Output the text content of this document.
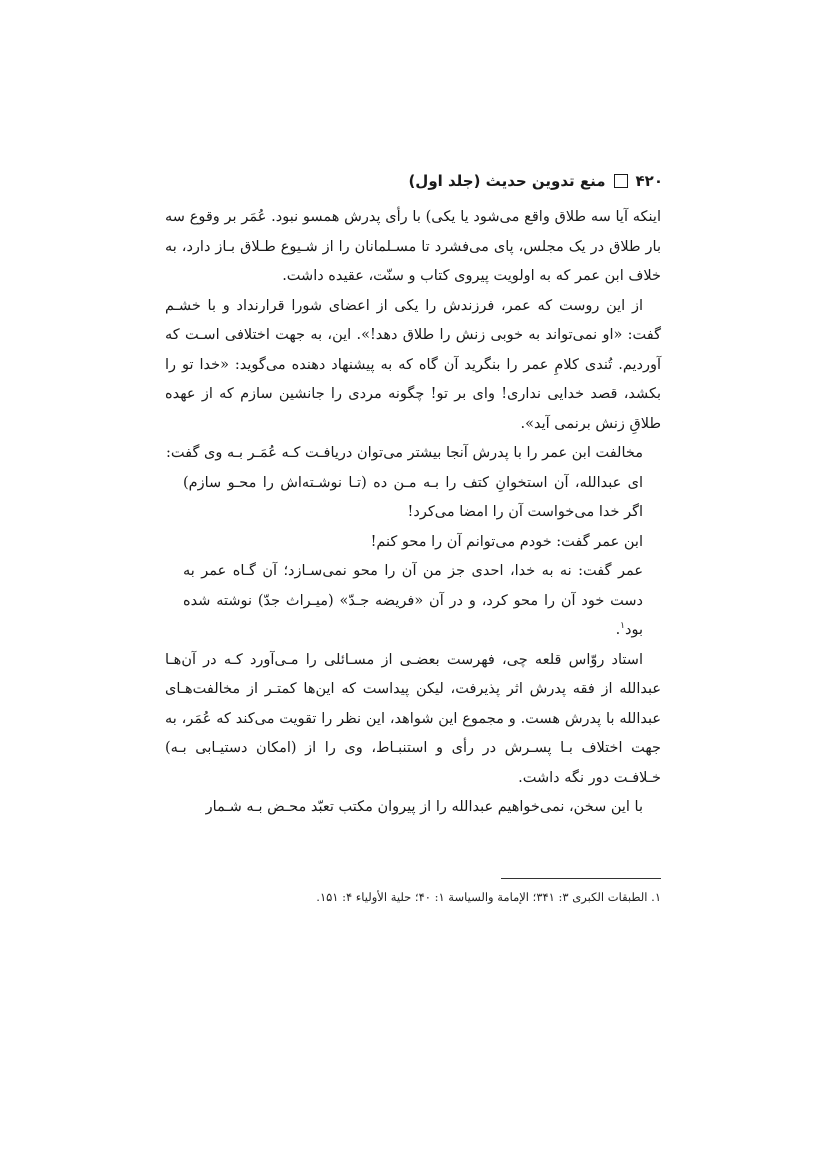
۴۲۰
منع تدوین حدیث (جلد اول)

اینکه آیا سه طلاق واقع می‌شود یا یکی) با رأی پدرش همسو نبود. عُمَر بر وقوع سه بار طلاق در یک مجلس، پای می‌فشرد تا مسـلمانان را از شـیوع طـلاق بـاز دارد، به خلاف ابن عمر که به اولویت پیروی کتاب و سنّت، عقیده داشت.

از این روست که عمر، فرزندش را یکی از اعضای شورا قرارنداد و با خشـم گفت: «او نمی‌تواند به خوبی زنش را طلاق دهد!». این، به جهت اختلافی اسـت که آوردیم. تُندی کلامِ عمر را بنگرید آن گاه که به پیشنهاد دهنده می‌گوید: «خدا تو را بکشد، قصد خدایی نداری! وای بر تو! چگونه مردی را جانشین سازم که از عهده طلاقِ زنش برنمی آید».

مخالفت ابن عمر را با پدرش آنجا بیشتر می‌توان دریافـت کـه عُمَـر بـه وی گفت:

ای عبدالله، آن استخوانِ کتف را بـه مـن ده (تـا نوشـته‌اش را محـو سازم) اگر خدا می‌خواست آن را امضا می‌کرد!

ابن عمر گفت: خودم می‌توانم آن را محو کنم!

عمر گفت: نه به خدا، احدی جز من آن را محو نمی‌سـازد؛ آن گـاه عمر به دست خود آن را محو کرد، و در آن «فریضه جـدّ» (میـراث جدّ) نوشته شده بود$^۱$.

استاد روّاس قلعه چی، فهرست بعضـی از مسـائلی را مـی‌آورد کـه در آن‌هـا عبدالله از فقه پدرش اثر پذیرفت، لیکن پیداست که این‌ها کمتـر از مخالفت‌هـای عبدالله با پدرش هست. و مجموع این شواهد، این نظر را تقویت می‌کند که عُمَر، به جهت اختلاف بـا پسـرش در رأی و استنبـاط، وی را از (امکان دستیـابی بـه) خـلافـت دور نگه داشت.

با این سخن، نمی‌خواهیم عبدالله را از پیروان مکتب تعبّد محـض بـه شـمار

۱. الطبقات الکبری ۳: ۳۴۱؛ الإمامة والسیاسة ۱: ۴۰؛ حلیة الأولیاء ۴: ۱۵۱.
